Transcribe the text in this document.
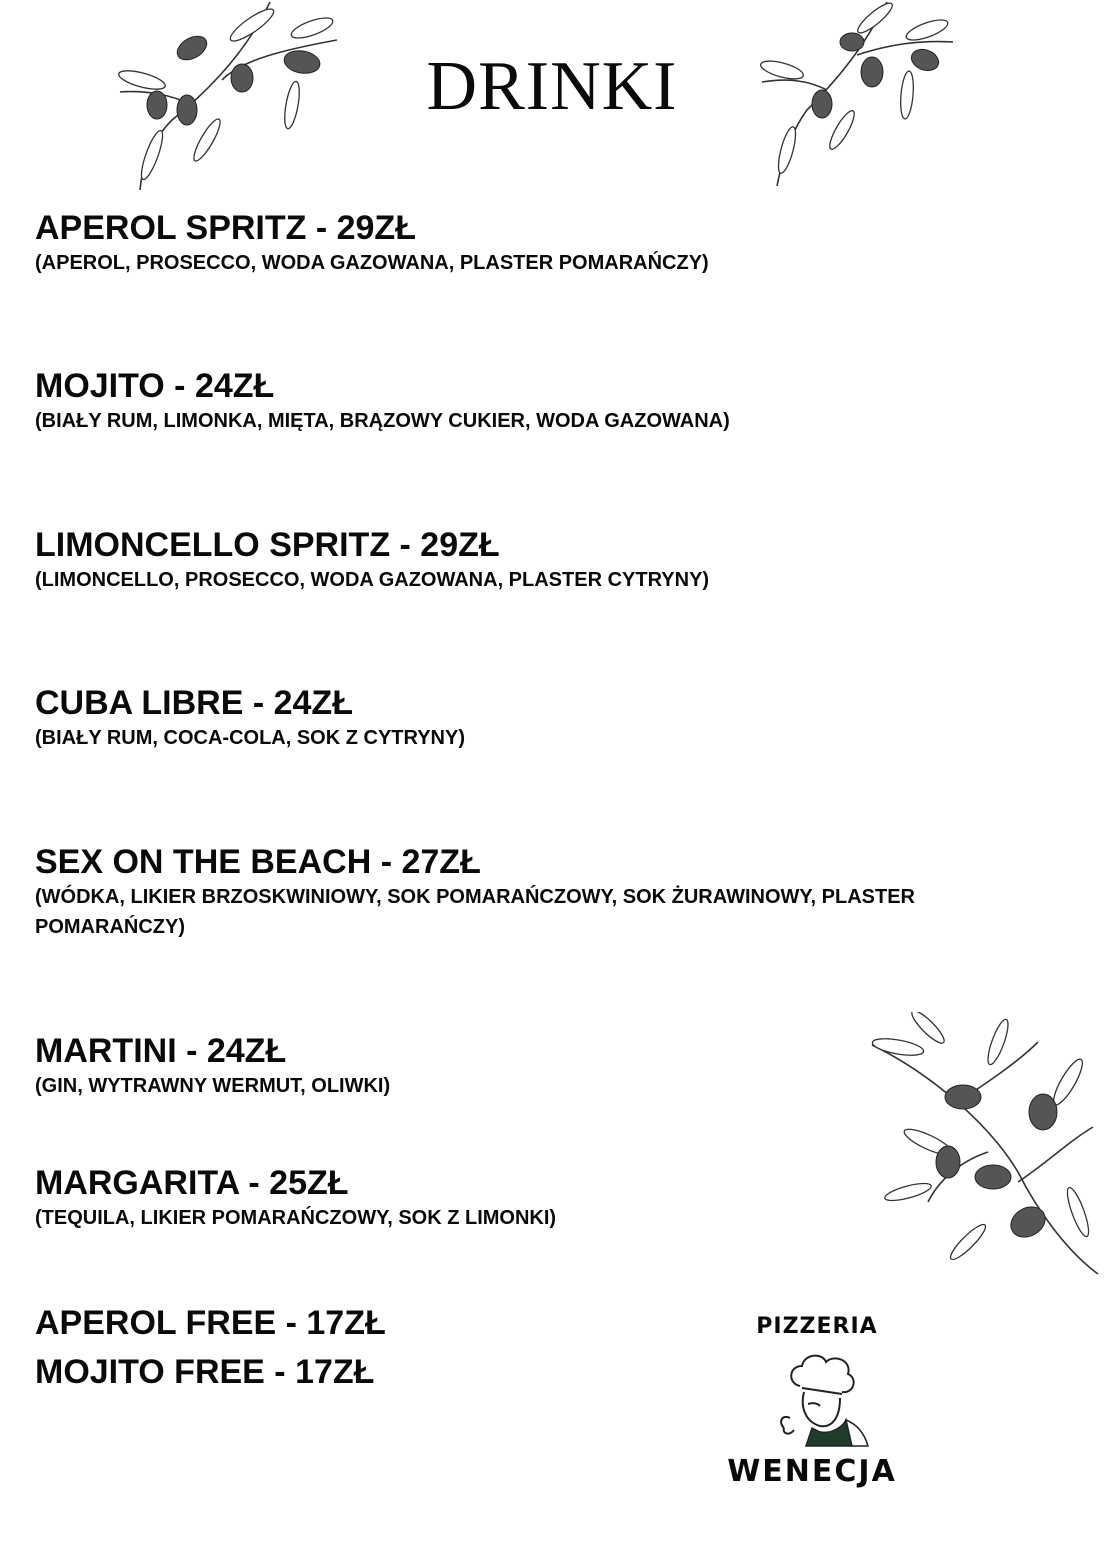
DRINKI

APEROL SPRITZ - 29ZŁ

(APEROL, PROSECCO, WODA GAZOWANA, PLASTER POMARAŃCZY)

MOJITO - 24ZŁ

(BIAŁY RUM, LIMONKA, MIĘTA, BRĄZOWY CUKIER, WODA GAZOWANA)

LIMONCELLO SPRITZ - 29ZŁ

(LIMONCELLO, PROSECCO, WODA GAZOWANA, PLASTER CYTRYNY)

CUBA LIBRE - 24ZŁ

(BIAŁY RUM, COCA-COLA, SOK Z CYTRYNY)

SEX ON THE BEACH - 27ZŁ

(WÓDKA, LIKIER BRZOSKWINIOWY, SOK POMARAŃCZOWY, SOK ŻURAWINOWY, PLASTER POMARAŃCZY)

MARTINI - 24ZŁ

(GIN, WYTRAWNY WERMUT, OLIWKI)

MARGARITA - 25ZŁ

(TEQUILA, LIKIER POMARAŃCZOWY, SOK Z LIMONKI)

APEROL FREE - 17ZŁ

MOJITO FREE - 17ZŁ

PIZZERIA
WENECJA
